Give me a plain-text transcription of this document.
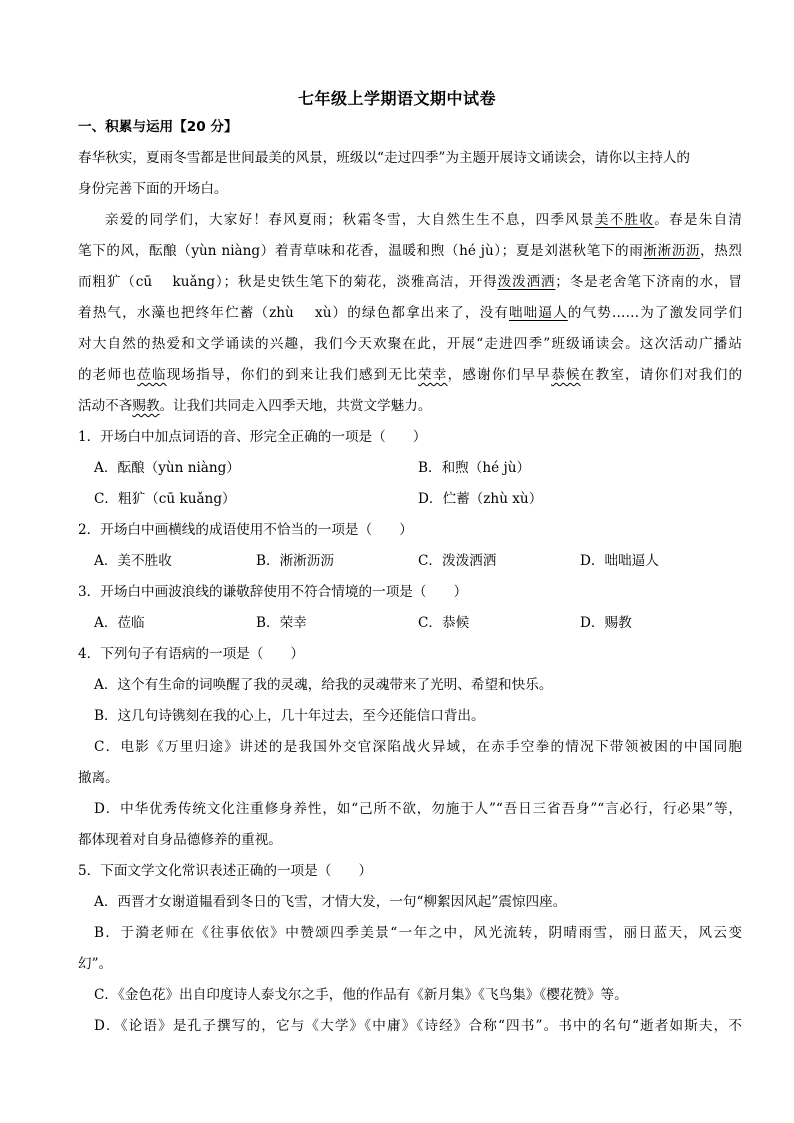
七年级上学期语文期中试卷
一、积累与运用【20 分】
春华秋实，夏雨冬雪都是世间最美的风景，班级以“走过四季”为主题开展诗文诵读会，请你以主持人的
身份完善下面的开场白。
亲爱的同学们，大家好！春风夏雨；秋霜冬雪，大自然生生不息，四季风景美不胜收。春是朱自清
笔下的风，酝酿（yùn niàng）着青草味和花香，温暖和煦（hé jù）；夏是刘湛秋笔下的雨淅淅沥沥，热烈
而粗犷（cū　 kuǎng）；秋是史铁生笔下的菊花，淡雅高洁，开得泼泼洒洒；冬是老舍笔下济南的水，冒
着热气，水藻也把终年伫蓄（zhù　 xù）的绿色都拿出来了，没有咄咄逼人的气势……为了激发同学们
对大自然的热爱和文学诵读的兴趣，我们今天欢聚在此，开展“走进四季”班级诵读会。这次活动广播站
的老师也莅临现场指导，你们的到来让我们感到无比荣幸，感谢你们早早恭候在教室，请你们对我们的
活动不吝赐教。让我们共同走入四季天地，共赏文学魅力。
1．开场白中加点词语的音、形完全正确的一项是（　　）
A．酝酿（yùn niàng）	B．和煦（hé jù）
C．粗犷（cū kuǎng）	D．伫蓄（zhù xù）
2．开场白中画横线的成语使用不恰当的一项是（　　）
A．美不胜收	B．淅淅沥沥	C．泼泼洒洒	D．咄咄逼人
3．开场白中画波浪线的谦敬辞使用不符合情境的一项是（　　）
A．莅临	B．荣幸	C．恭候	D．赐教
4．下列句子有语病的一项是（　　）
A．这个有生命的词唤醒了我的灵魂，给我的灵魂带来了光明、希望和快乐。
B．这几句诗镌刻在我的心上，几十年过去，至今还能信口背出。
C．电影《万里归途》讲述的是我国外交官深陷战火异域，在赤手空拳的情况下带领被困的中国同胞
撤离。
D．中华优秀传统文化注重修身养性，如“己所不欲，勿施于人”“吾日三省吾身”“言必行，行必果”等，
都体现着对自身品德修养的重视。
5．下面文学文化常识表述正确的一项是（　　）
A．西晋才女谢道韫看到冬日的飞雪，才情大发，一句“柳絮因风起”震惊四座。
B．于漪老师在《往事依依》中赞颂四季美景“一年之中，风光流转，阴晴雨雪，丽日蓝天，风云变
幻”。
C．《金色花》出自印度诗人泰戈尔之手，他的作品有《新月集》《飞鸟集》《樱花赞》等。
D．《论语》是孔子撰写的，它与《大学》《中庸》《诗经》合称“四书”。书中的名句“逝者如斯夫，不
